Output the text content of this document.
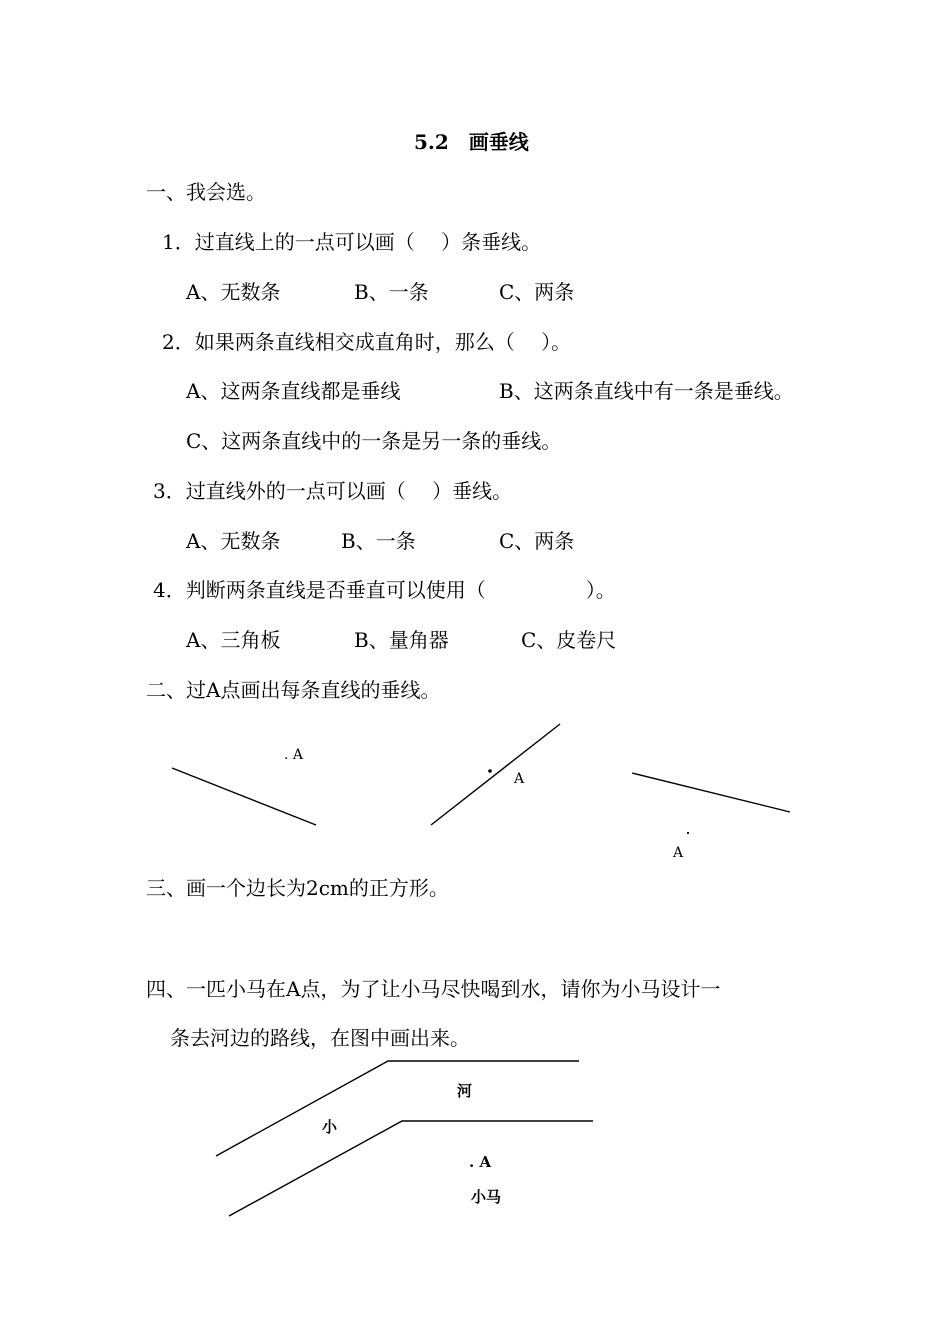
5.2　画垂线
一、我会选。
1．过直线上的一点可以画（　 ）条垂线。
A、无数条	B、一条	C、两条
2．如果两条直线相交成直角时，那么（　 ）。
A、这两条直线都是垂线	B、这两条直线中有一条是垂线。
C、这两条直线中的一条是另一条的垂线。
3．过直线外的一点可以画（　 ）垂线。
A、无数条	B、一条	C、两条
4．判断两条直线是否垂直可以使用（　　　　　）。
A、三角板	B、量角器	C、皮卷尺
二、过A点画出每条直线的垂线。
. A
A
A
三、画一个边长为2cm的正方形。
四、一匹小马在A点，为了让小马尽快喝到水，请你为小马设计一
条去河边的路线，在图中画出来。
河
小
. A
小马
